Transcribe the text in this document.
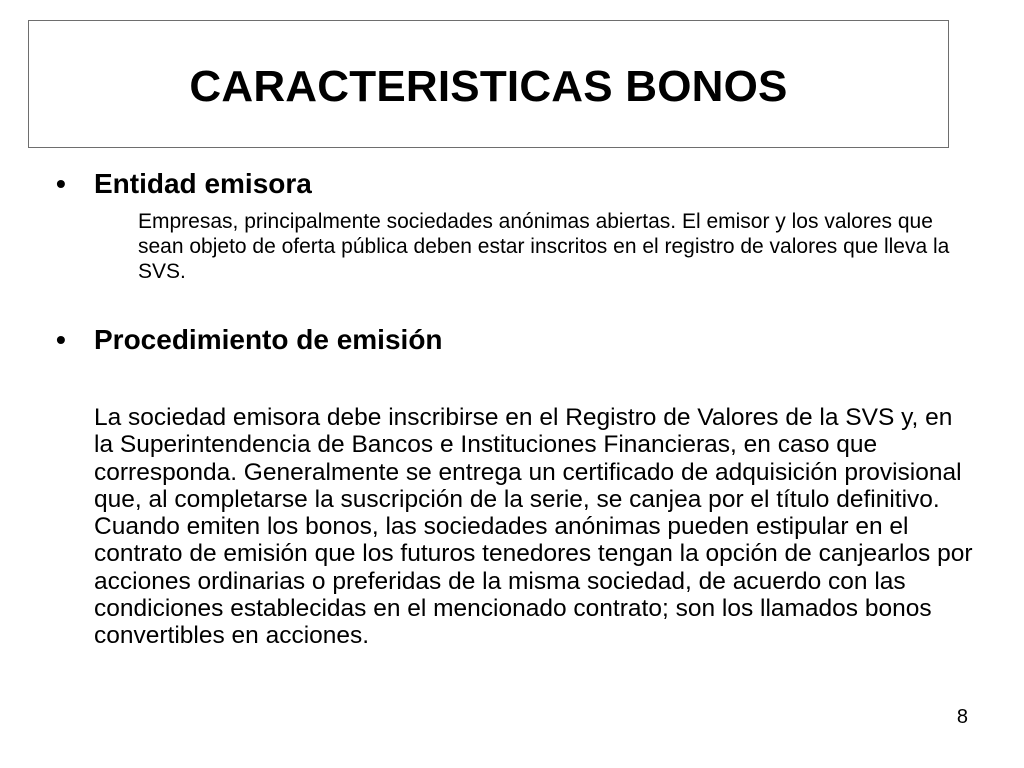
CARACTERISTICAS BONOS
•	Entidad emisora
Empresas, principalmente sociedades anónimas abiertas. El emisor y los valores que sean objeto de oferta pública deben estar inscritos en el registro de valores que lleva la SVS.
•	Procedimiento de emisión
La sociedad emisora debe inscribirse en el Registro de Valores de la SVS y, en la Superintendencia de Bancos e Instituciones Financieras, en caso que corresponda. Generalmente se entrega un certificado de adquisición provisional que, al completarse la suscripción de la serie, se canjea por el título definitivo. Cuando emiten los bonos, las sociedades anónimas pueden estipular en el contrato de emisión que los futuros tenedores tengan la opción de canjearlos por acciones ordinarias o preferidas de la misma sociedad, de acuerdo con las condiciones establecidas en el mencionado contrato; son los llamados bonos convertibles en acciones.
8
